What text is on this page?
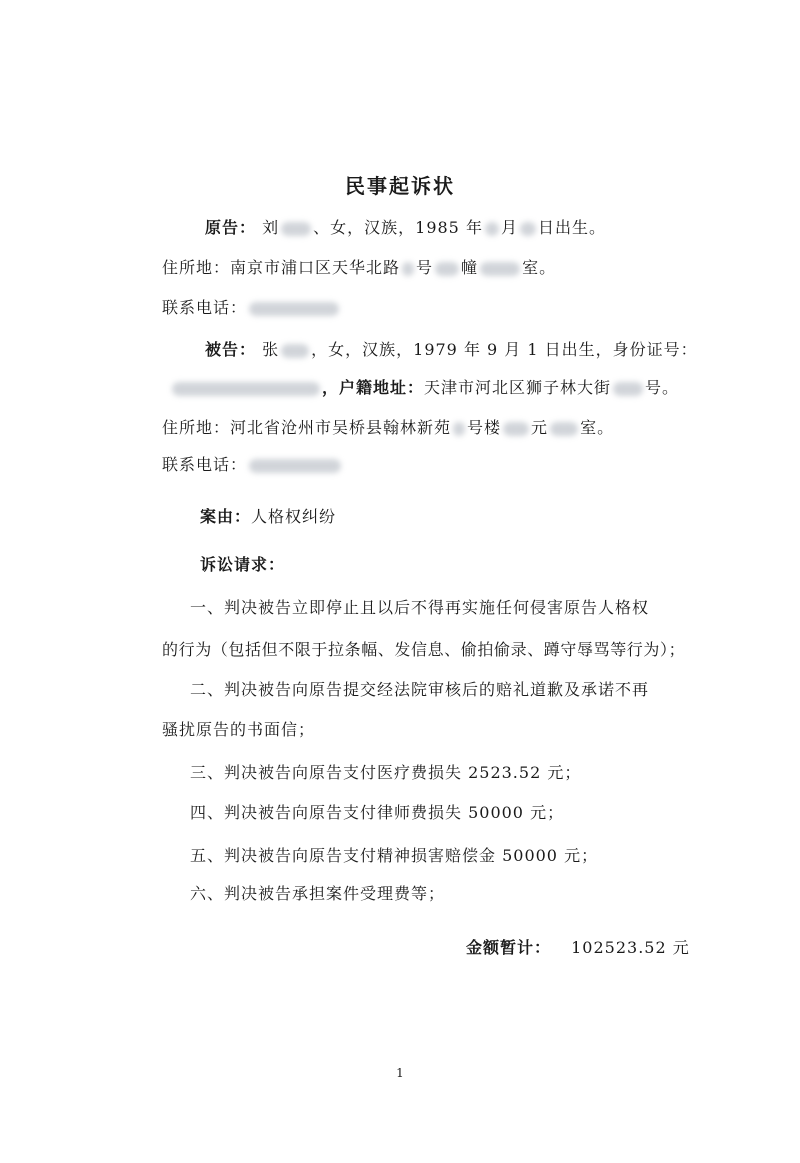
民事起诉状
原告： 刘 、女，汉族，1985 年 月 日出生。
住所地：南京市浦口区天华北路 号 幢	室。
联系电话：
被告： 张 ，女，汉族，1979 年 9 月 1 日出生，身份证号：
，户籍地址：天津市河北区狮子林大街 号。
住所地：河北省沧州市吴桥县翰林新苑 号楼 元 室。
联系电话：
案由：人格权纠纷
诉讼请求：
一、判决被告立即停止且以后不得再实施任何侵害原告人格权
的行为（包括但不限于拉条幅、发信息、偷拍偷录、蹲守辱骂等行为）；
二、判决被告向原告提交经法院审核后的赔礼道歉及承诺不再
骚扰原告的书面信；
三、判决被告向原告支付医疗费损失 2523.52 元；
四、判决被告向原告支付律师费损失 50000 元；
五、判决被告向原告支付精神损害赔偿金 50000 元；
六、判决被告承担案件受理费等；
金额暂计： 102523.52 元
1
